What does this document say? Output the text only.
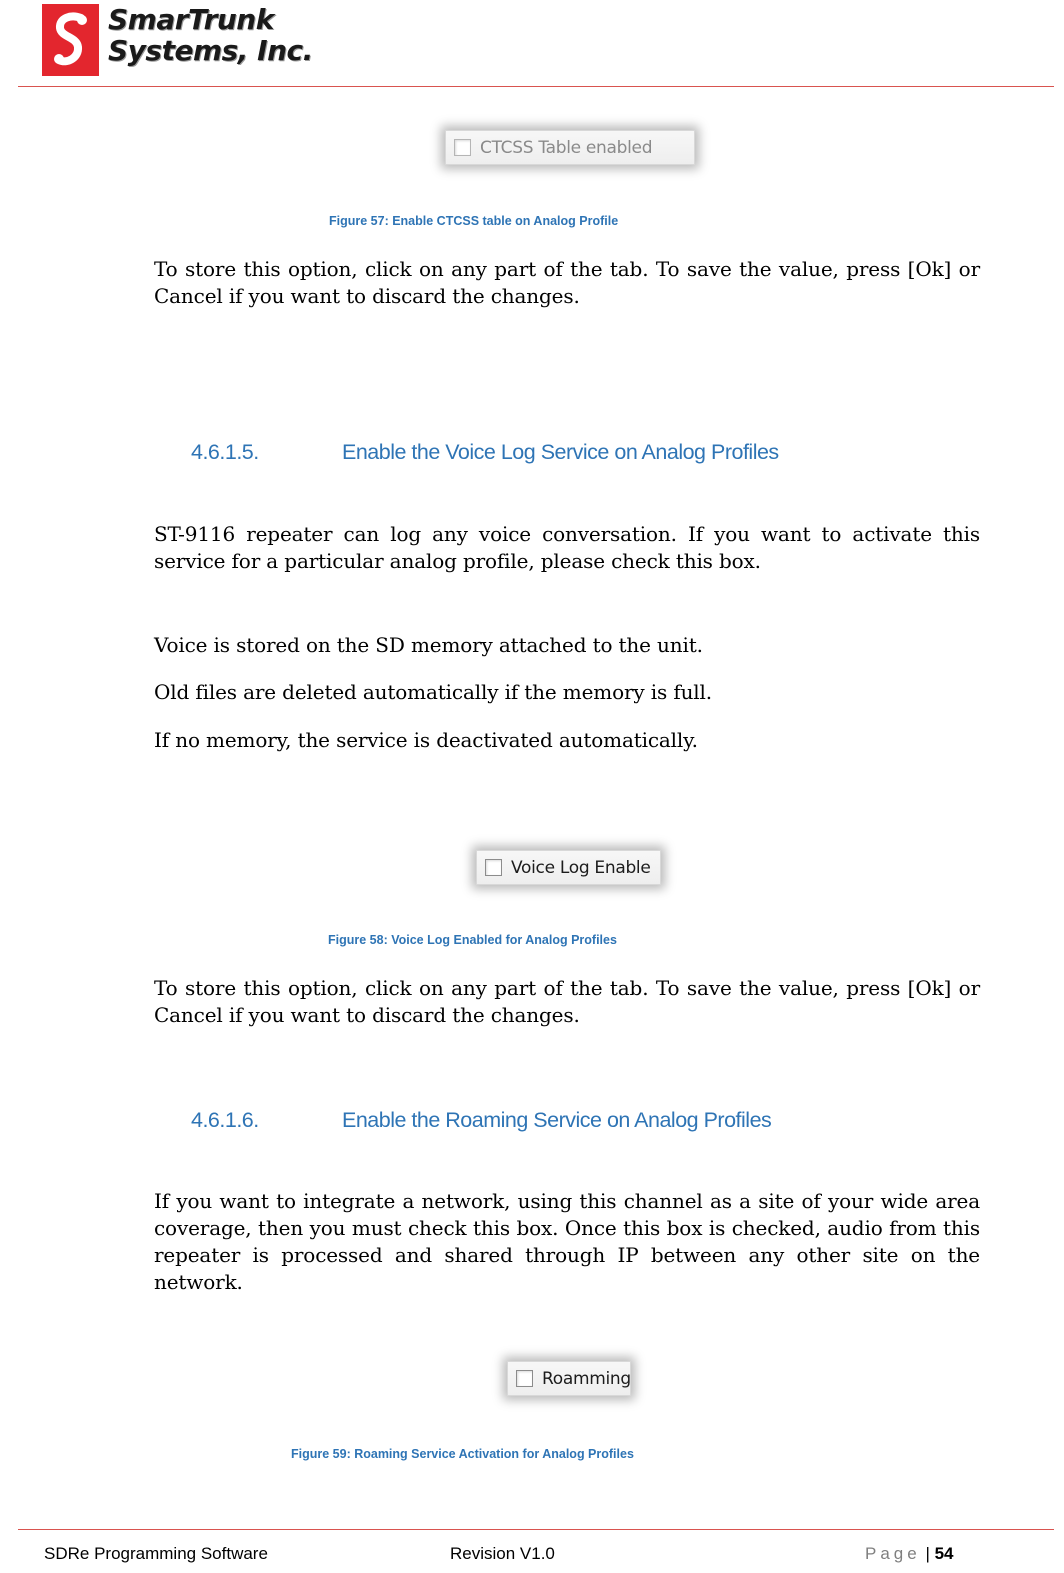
SmarTrunk
Systems, Inc.
CTCSS Table enabled
Figure 57: Enable CTCSS table on Analog Profile
To store this option, click on any part of the tab. To save the value, press [Ok] or Cancel if you want to discard the changes.
4.6.1.5.	Enable the Voice Log Service on Analog Profiles
ST-9116 repeater can log any voice conversation. If you want to activate this service for a particular analog profile, please check this box.
Voice is stored on the SD memory attached to the unit.
Old files are deleted automatically if the memory is full.
If no memory, the service is deactivated automatically.
Voice Log Enable
Figure 58: Voice Log Enabled for Analog Profiles
To store this option, click on any part of the tab. To save the value, press [Ok] or Cancel if you want to discard the changes.
4.6.1.6.	Enable the Roaming Service on Analog Profiles
If you want to integrate a network, using this channel as a site of your wide area coverage, then you must check this box. Once this box is checked, audio from this repeater is processed and shared through IP between any other site on the network.
Roamming
Figure 59: Roaming Service Activation for Analog Profiles
SDRe Programming Software	Revision V1.0	Page | 54
